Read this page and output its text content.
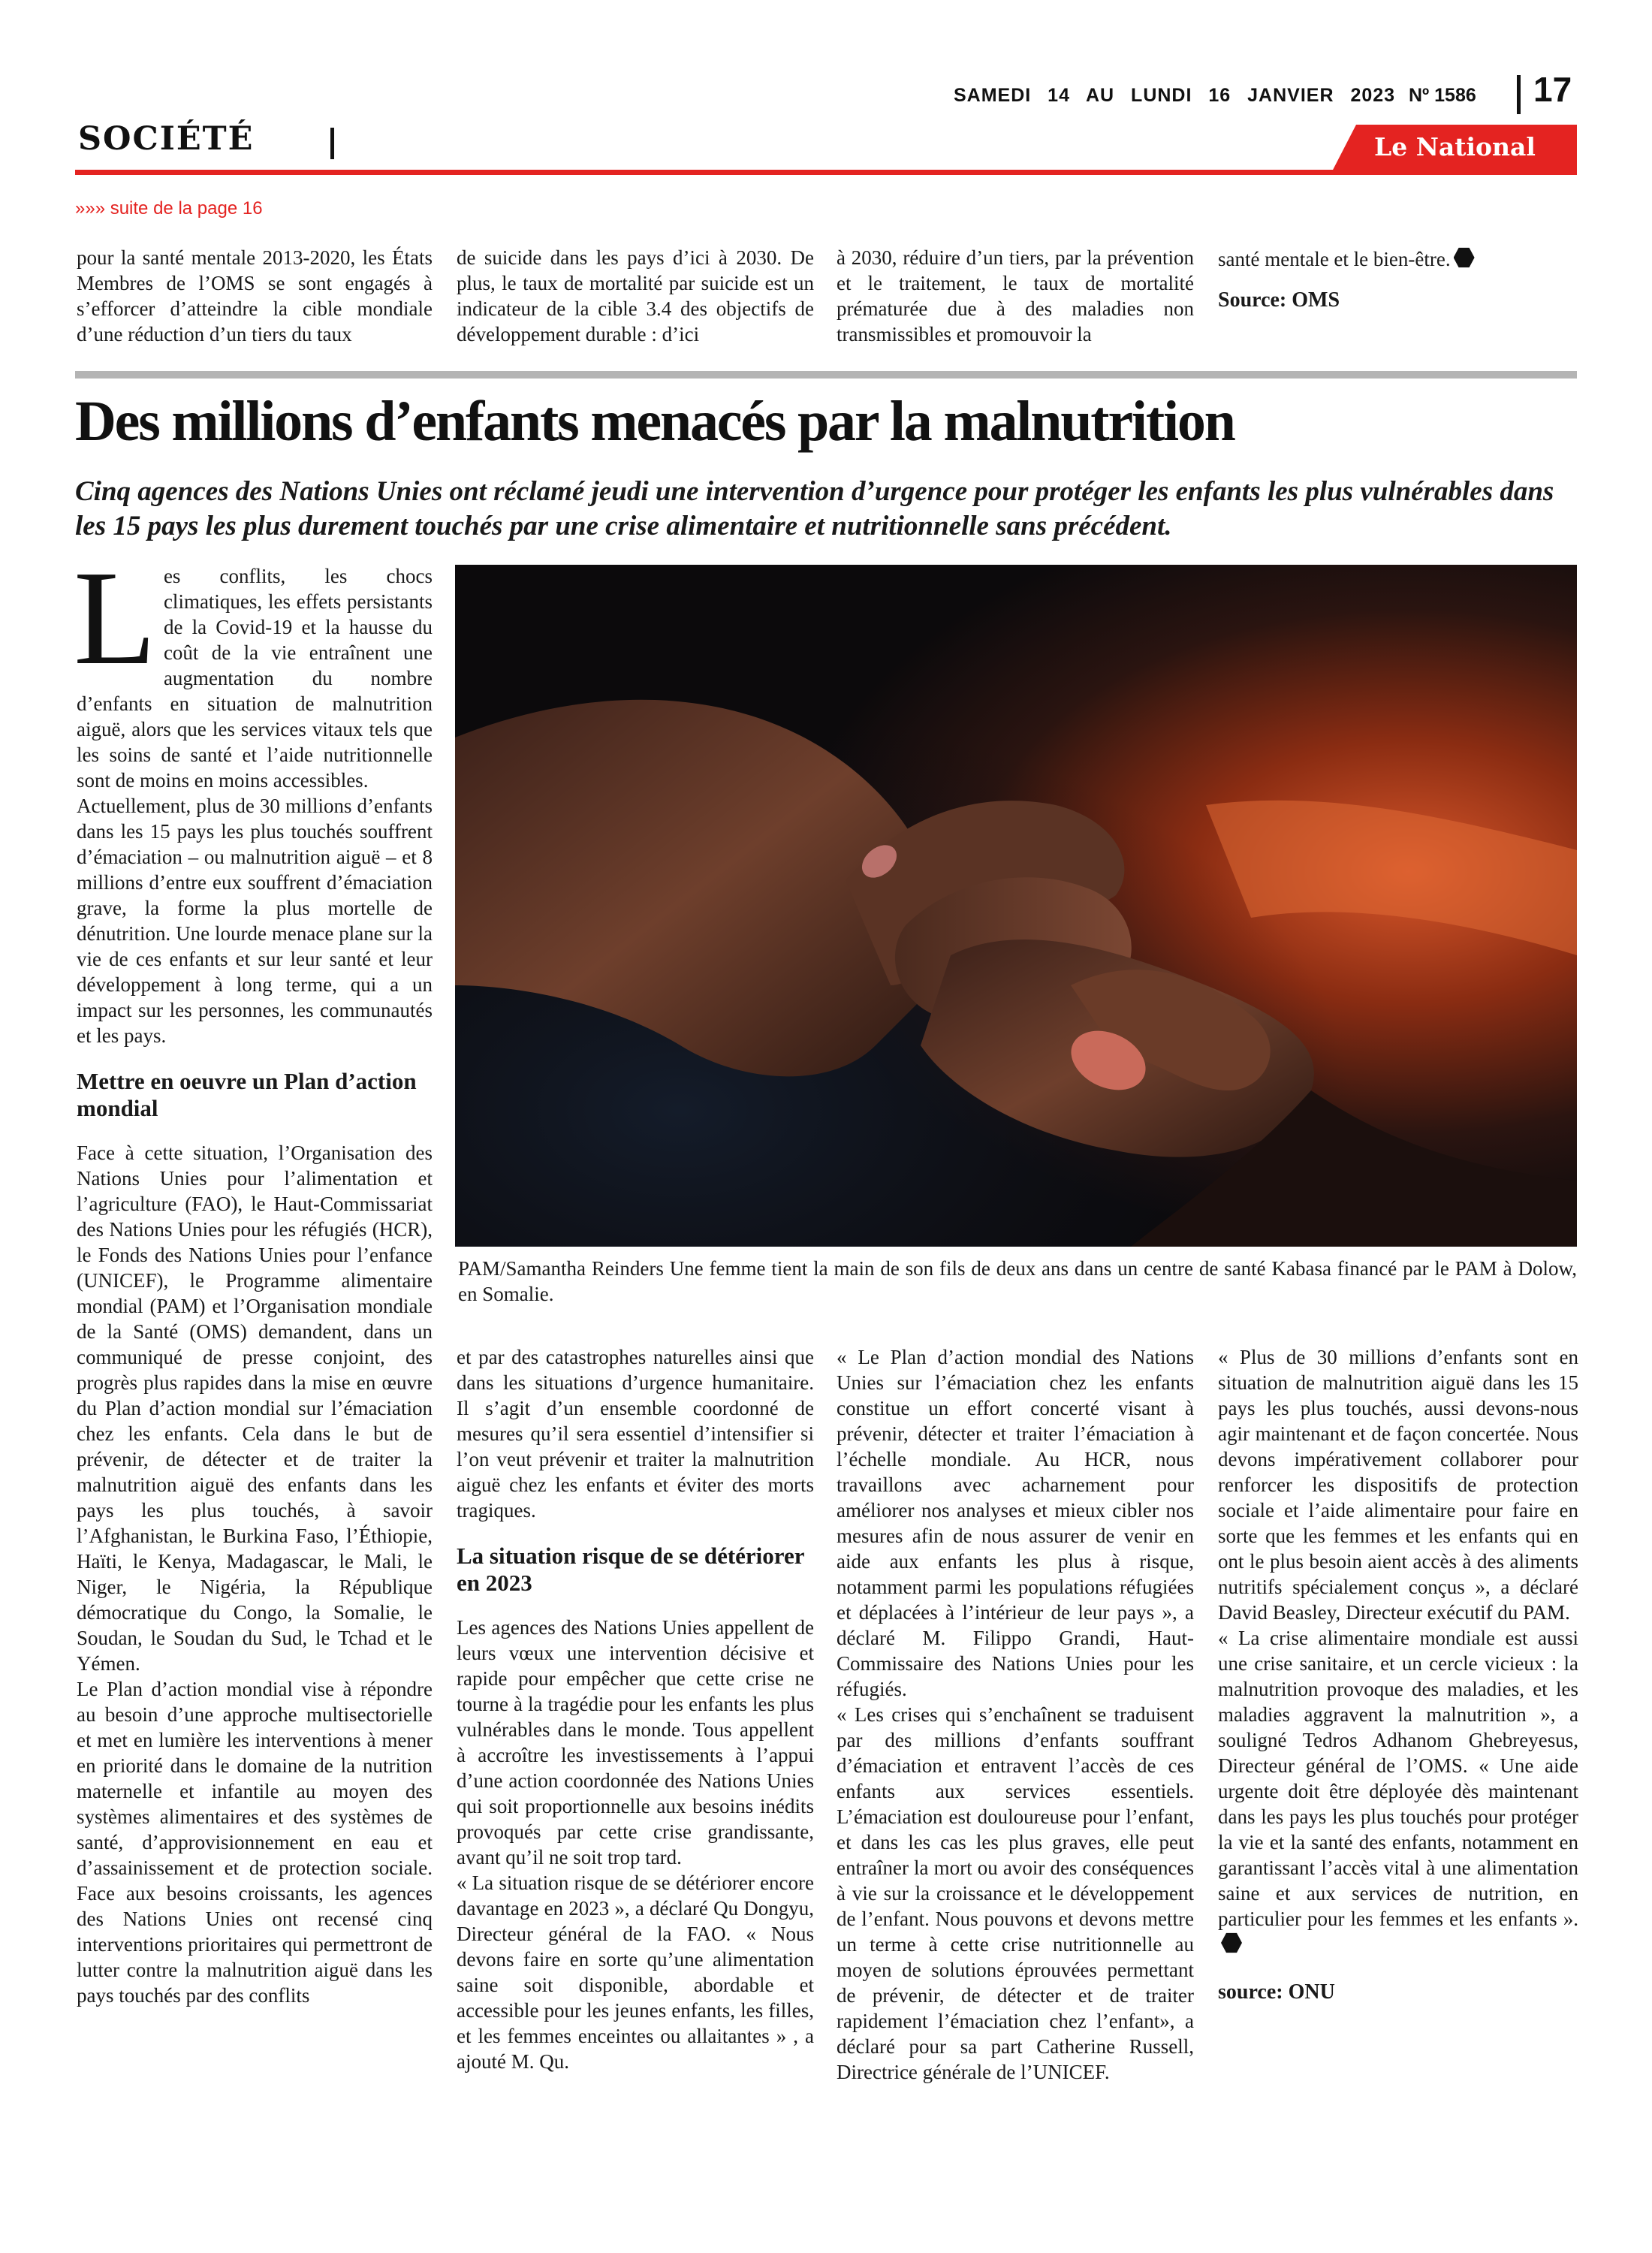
SAMEDI 14 AU LUNDI 16 JANVIER 2023 Nº 1586 17
SOCIÉTÉ	Le National
»»» suite de la page 16
pour la santé mentale 2013-2020, les États Membres de l’OMS se sont engagés à s’efforcer d’atteindre la cible mondiale d’une réduction d’un tiers du taux
de suicide dans les pays d’ici à 2030. De plus, le taux de mortalité par suicide est un indicateur de la cible 3.4 des objectifs de développement durable : d’ici
à 2030, réduire d’un tiers, par la prévention et le traitement, le taux de mortalité prématurée due à des maladies non transmissibles et promouvoir la
santé mentale et le bien-être.
Source: OMS
Des millions d’enfants menacés par la malnutrition
Cinq agences des Nations Unies ont réclamé jeudi une intervention d’urgence pour protéger les enfants les plus vulnérables dans les 15 pays les plus durement touchés par une crise alimentaire et nutritionnelle sans précédent.

Les conflits, les chocs climatiques, les effets persistants de la Covid-19 et la hausse du coût de la vie entraînent une augmentation du nombre d’enfants en situation de malnutrition aiguë, alors que les services vitaux tels que les soins de santé et l’aide nutritionnelle sont de moins en moins accessibles.

Actuellement, plus de 30 millions d’enfants dans les 15 pays les plus touchés souffrent d’émaciation – ou malnutrition aiguë – et 8 millions d’entre eux souffrent d’émaciation grave, la forme la plus mortelle de dénutrition. Une lourde menace plane sur la vie de ces enfants et sur leur santé et leur développement à long terme, qui a un impact sur les personnes, les communautés et les pays.

Mettre en oeuvre un Plan d’action mondial

Face à cette situation, l’Organisation des Nations Unies pour l’alimentation et l’agriculture (FAO), le Haut-Commissariat des Nations Unies pour les réfugiés (HCR), le Fonds des Nations Unies pour l’enfance (UNICEF), le Programme alimentaire mondial (PAM) et l’Organisation mondiale de la Santé (OMS) demandent, dans un communiqué de presse conjoint, des progrès plus rapides dans la mise en œuvre du Plan d’action mondial sur l’émaciation chez les enfants. Cela dans le but de prévenir, de détecter et de traiter la malnutrition aiguë des enfants dans les pays les plus touchés, à savoir l’Afghanistan, le Burkina Faso, l’Éthiopie, Haïti, le Kenya, Madagascar, le Mali, le Niger, le Nigéria, la République démocratique du Congo, la Somalie, le Soudan, le Soudan du Sud, le Tchad et le Yémen.

Le Plan d’action mondial vise à répondre au besoin d’une approche multisectorielle et met en lumière les interventions à mener en priorité dans le domaine de la nutrition maternelle et infantile au moyen des systèmes alimentaires et des systèmes de santé, d’approvisionnement en eau et d’assainissement et de protection sociale. Face aux besoins croissants, les agences des Nations Unies ont recensé cinq interventions prioritaires qui permettront de lutter contre la malnutrition aiguë dans les pays touchés par des conflits

PAM/Samantha Reinders Une femme tient la main de son fils de deux ans dans un centre de santé Kabasa financé par le PAM à Dolow, en Somalie.

et par des catastrophes naturelles ainsi que dans les situations d’urgence humanitaire. Il s’agit d’un ensemble coordonné de mesures qu’il sera essentiel d’intensifier si l’on veut prévenir et traiter la malnutrition aiguë chez les enfants et éviter des morts tragiques.

La situation risque de se détériorer en 2023

Les agences des Nations Unies appellent de leurs vœux une intervention décisive et rapide pour empêcher que cette crise ne tourne à la tragédie pour les enfants les plus vulnérables dans le monde. Tous appellent à accroître les investissements à l’appui d’une action coordonnée des Nations Unies qui soit proportionnelle aux besoins inédits provoqués par cette crise grandissante, avant qu’il ne soit trop tard.

« La situation risque de se détériorer encore davantage en 2023 », a déclaré Qu Dongyu, Directeur général de la FAO. « Nous devons faire en sorte qu’une alimentation saine soit disponible, abordable et accessible pour les jeunes enfants, les filles, et les femmes enceintes ou allaitantes » , a ajouté M. Qu.

« Le Plan d’action mondial des Nations Unies sur l’émaciation chez les enfants constitue un effort concerté visant à prévenir, détecter et traiter l’émaciation à l’échelle mondiale. Au HCR, nous travaillons avec acharnement pour améliorer nos analyses et mieux cibler nos mesures afin de nous assurer de venir en aide aux enfants les plus à risque, notamment parmi les populations réfugiées et déplacées à l’intérieur de leur pays », a déclaré M. Filippo Grandi, Haut-Commissaire des Nations Unies pour les réfugiés.

« Les crises qui s’enchaînent se traduisent par des millions d’enfants souffrant d’émaciation et entravent l’accès de ces enfants aux services essentiels. L’émaciation est douloureuse pour l’enfant, et dans les cas les plus graves, elle peut entraîner la mort ou avoir des conséquences à vie sur la croissance et le développement de l’enfant. Nous pouvons et devons mettre un terme à cette crise nutritionnelle au moyen de solutions éprouvées permettant de prévenir, de détecter et de traiter rapidement l’émaciation chez l’enfant», a déclaré pour sa part Catherine Russell, Directrice générale de l’UNICEF.

« Plus de 30 millions d’enfants sont en situation de malnutrition aiguë dans les 15 pays les plus touchés, aussi devons-nous agir maintenant et de façon concertée. Nous devons impérativement collaborer pour renforcer les dispositifs de protection sociale et l’aide alimentaire pour faire en sorte que les femmes et les enfants qui en ont le plus besoin aient accès à des aliments nutritifs spécialement conçus », a déclaré David Beasley, Directeur exécutif du PAM.

« La crise alimentaire mondiale est aussi une crise sanitaire, et un cercle vicieux : la malnutrition provoque des maladies, et les maladies aggravent la malnutrition », a souligné Tedros Adhanom Ghebreyesus, Directeur général de l’OMS. « Une aide urgente doit être déployée dès maintenant dans les pays les plus touchés pour protéger la vie et la santé des enfants, notamment en garantissant l’accès vital à une alimentation saine et aux services de nutrition, en particulier pour les femmes et les enfants ».

source: ONU
